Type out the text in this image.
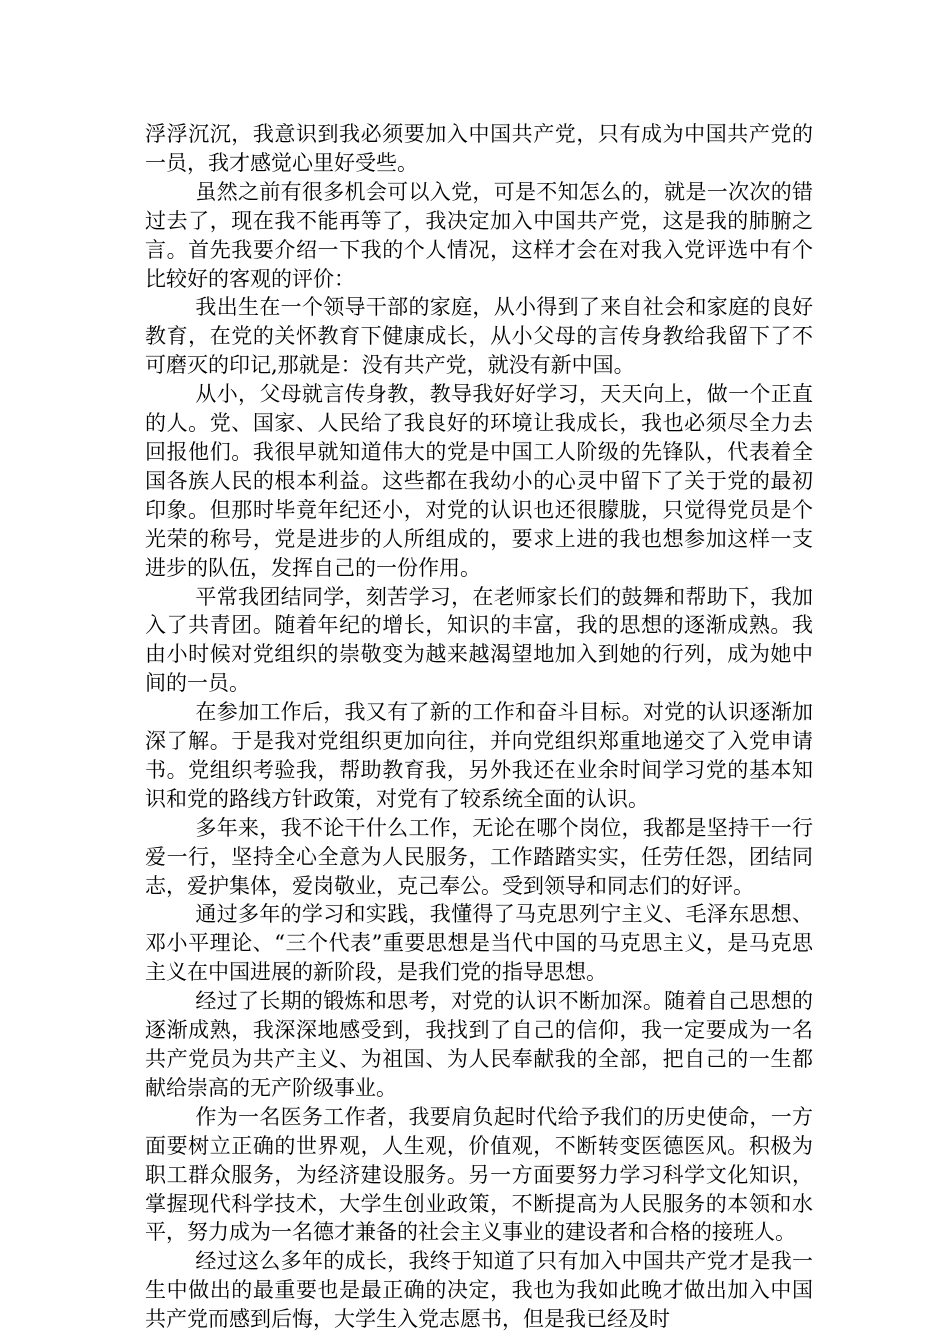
浮浮沉沉，我意识到我必须要加入中国共产党，只有成为中国共产党的一员，我才感觉心里好受些。

虽然之前有很多机会可以入党，可是不知怎么的，就是一次次的错过去了，现在我不能再等了，我决定加入中国共产党，这是我的肺腑之言。首先我要介绍一下我的个人情况，这样才会在对我入党评选中有个比较好的客观的评价：

我出生在一个领导干部的家庭，从小得到了来自社会和家庭的良好教育，在党的关怀教育下健康成长，从小父母的言传身教给我留下了不可磨灭的印记,那就是：没有共产党，就没有新中国。

从小，父母就言传身教，教导我好好学习，天天向上，做一个正直的人。党、国家、人民给了我良好的环境让我成长，我也必须尽全力去回报他们。我很早就知道伟大的党是中国工人阶级的先锋队，代表着全国各族人民的根本利益。这些都在我幼小的心灵中留下了关于党的最初印象。但那时毕竟年纪还小，对党的认识也还很朦胧，只觉得党员是个光荣的称号，党是进步的人所组成的，要求上进的我也想参加这样一支进步的队伍，发挥自己的一份作用。

平常我团结同学，刻苦学习，在老师家长们的鼓舞和帮助下，我加入了共青团。随着年纪的增长，知识的丰富，我的思想的逐渐成熟。我由小时候对党组织的崇敬变为越来越渴望地加入到她的行列，成为她中间的一员。

在参加工作后，我又有了新的工作和奋斗目标。对党的认识逐渐加深了解。于是我对党组织更加向往，并向党组织郑重地递交了入党申请书。党组织考验我，帮助教育我，另外我还在业余时间学习党的基本知识和党的路线方针政策，对党有了较系统全面的认识。

多年来，我不论干什么工作，无论在哪个岗位，我都是坚持干一行爱一行，坚持全心全意为人民服务，工作踏踏实实，任劳任怨，团结同志，爱护集体，爱岗敬业，克己奉公。受到领导和同志们的好评。

通过多年的学习和实践，我懂得了马克思列宁主义、毛泽东思想、邓小平理论、“三个代表”重要思想是当代中国的马克思主义，是马克思主义在中国进展的新阶段，是我们党的指导思想。

经过了长期的锻炼和思考，对党的认识不断加深。随着自己思想的逐渐成熟，我深深地感受到，我找到了自己的信仰，我一定要成为一名共产党员为共产主义、为祖国、为人民奉献我的全部，把自己的一生都献给崇高的无产阶级事业。

作为一名医务工作者，我要肩负起时代给予我们的历史使命，一方面要树立正确的世界观，人生观，价值观，不断转变医德医风。积极为职工群众服务，为经济建设服务。另一方面要努力学习科学文化知识，掌握现代科学技术，大学生创业政策，不断提高为人民服务的本领和水平，努力成为一名德才兼备的社会主义事业的建设者和合格的接班人。

经过这么多年的成长，我终于知道了只有加入中国共产党才是我一生中做出的最重要也是最正确的决定，我也为我如此晚才做出加入中国共产党而感到后悔，大学生入党志愿书，但是我已经及时
